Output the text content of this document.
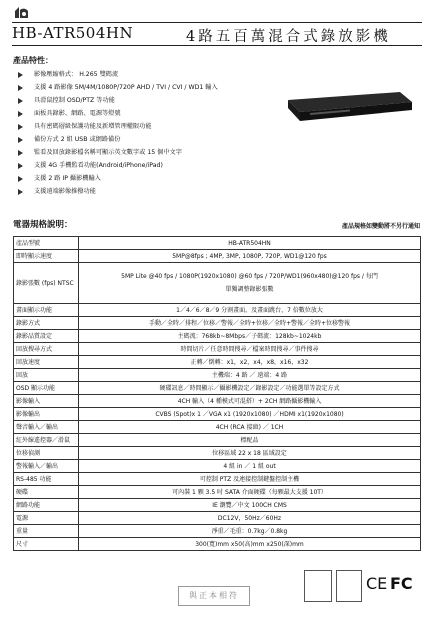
HB-ATR504HN	4路五百萬混合式錄放影機
產品特性：
影像壓縮格式： H.265 雙碼流
支援 4 路影像 5M/4M/1080P/720P AHD / TVI / CVI / WD1 輸入
具滑鼠控制 OSD/PTZ 等功能
面板具錄影、網路、電源等燈號
具有密碼層級保護功能及新增管理權限功能
備份方式 2 組 USB 或網路備份
監看及回放錄影檔名稱可顯示英文數字或 15 個中文字
支援 4G 手機監看功能(Android/iPhone/iPad)
支援 2 路 IP 攝影機輸入
支援遠端影像推撥功能
電器規格說明：	產品規格如變動將不另行通知
產品型號	HB-ATR504HN
即時顯示速度	5MP@8fps ; 4MP, 3MP, 1080P, 720P, WD1@120 fps
錄影張數 (fps) NTSC	5MP Lite @40 fps / 1080P(1920x1080) @60 fps / 720P/WD1(960x480)@120 fps / 每門單獨調整錄影張數
畫面顯示功能	1／4／6／8／9 分割畫面，及畫面跳台，7 倍數位放大
錄影方式	手動／全時／排程／位移／警報／全時+位移／全時+警報／全時+位移警報
錄影品質設定	主碼流：768kb~8Mbps／子碼流：128kb~1024kb
回放搜尋方式	時間切片／任意時間搜尋／檔案時間搜尋／事件搜尋
回放速度	正轉／倒轉：x1，x2，x4，x8，x16，x32
回放	主機端：4 路 ／ 遠端：4 路
OSD 顯示功能	硬碟訊息／時間顯示／攝影機設定／錄影設定／功能選單等設定方式
影像輸入	4CH 輸入（4 種模式可混搭）+ 2CH 網路攝影機輸入
影像輸出	CVBS (Spot)x 1 ／VGA x1 (1920x1080) ／HDMI x1(1920x1080)
聲音輸入／輸出	4CH (RCA 接頭) ／ 1CH
紅外線遙控器／滑鼠	標配品
位移偵測	位移區域 22 x 18 區域設定
警報輸入／輸出	4 組 in ／ 1 組 out
RS-485 功能	可控制 PTZ 及連接控制鍵盤控制主機
硬碟	可內裝 1 顆 3.5 吋 SATA 介面硬碟（每顆最大支援 10T）
網路功能	IE 瀏覽／中文 100CH CMS
電源	DC12V，50Hz／60Hz
重量	淨重／毛重：0.7kg／0.8kg
尺寸	300(寬)mm x50(高)mm x250(深)mm
與正本相符
CE FC
